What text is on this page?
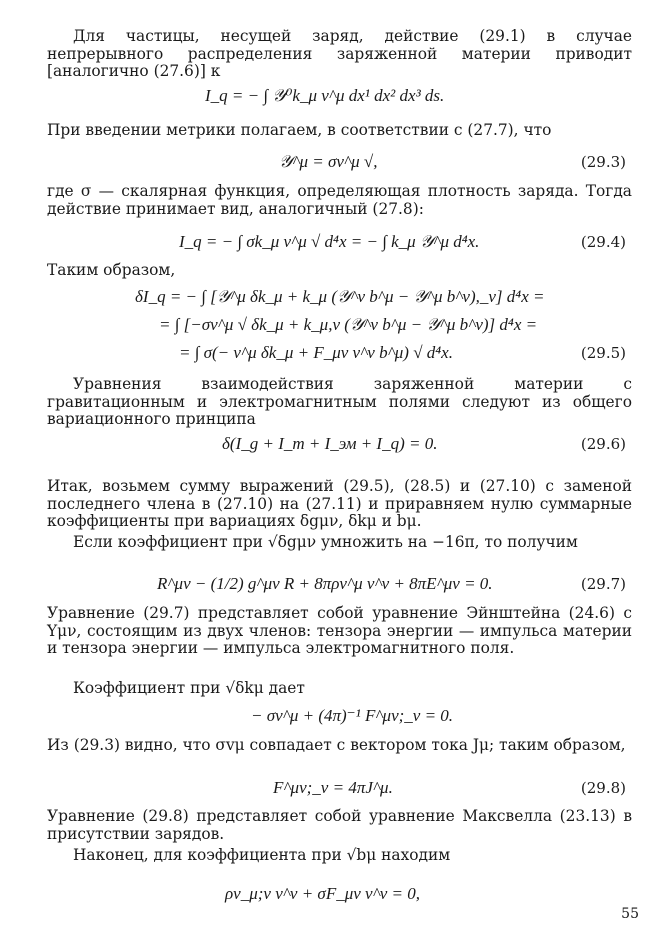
Для частицы, несущей заряд, действие (29.1) в случае непрерывного распределения заряженной материи приводит [аналогично (27.6)] к

I_q = − ∫ 𝒴⁰k_μ v^μ dx¹ dx² dx³ ds.

При введении метрики полагаем, в соответствии с (27.7), что

𝒴^μ = σv^μ √,	(29.3)

где σ — скалярная функция, определяющая плотность заряда. Тогда действие принимает вид, аналогичный (27.8):

I_q = − ∫ σk_μ v^μ √ d⁴x = − ∫ k_μ 𝒴^μ d⁴x.	(29.4)

Таким образом,

δI_q = − ∫ [𝒴^μ δk_μ + k_μ (𝒴^ν b^μ − 𝒴^μ b^ν),_ν] d⁴x =
= ∫ [−σv^μ √ δk_μ + k_μ,ν (𝒴^ν b^μ − 𝒴^μ b^ν)] d⁴x =
= ∫ σ(− v^μ δk_μ + F_μν v^ν b^μ) √ d⁴x.	(29.5)

Уравнения взаимодействия заряженной материи с гравитационным и электромагнитным полями следуют из общего вариационного принципа

δ(I_g + I_m + I_эм + I_q) = 0.	(29.6)

Итак, возьмем сумму выражений (29.5), (28.5) и (27.10) с заменой последнего члена в (27.10) на (27.11) и приравняем нулю суммарные коэффициенты при вариациях δgμν, δkμ и bμ.

Если коэффициент при √δgμν умножить на −16π, то получим

R^μν − (1/2) g^μν R + 8πρv^μ v^ν + 8πE^μν = 0.	(29.7)

Уравнение (29.7) представляет собой уравнение Эйнштейна (24.6) с Yμν, состоящим из двух членов: тензора энергии — импульса материи и тензора энергии — импульса электромагнитного поля.

Коэффициент при √δkμ дает

− σv^μ + (4π)⁻¹ F^μν;_ν = 0.

Из (29.3) видно, что σvμ совпадает с вектором тока Jμ; таким образом,

F^μν;_ν = 4πJ^μ.	(29.8)

Уравнение (29.8) представляет собой уравнение Максвелла (23.13) в присутствии зарядов.

Наконец, для коэффициента при √bμ находим

ρv_μ;ν v^ν + σF_μν v^ν = 0,
55
